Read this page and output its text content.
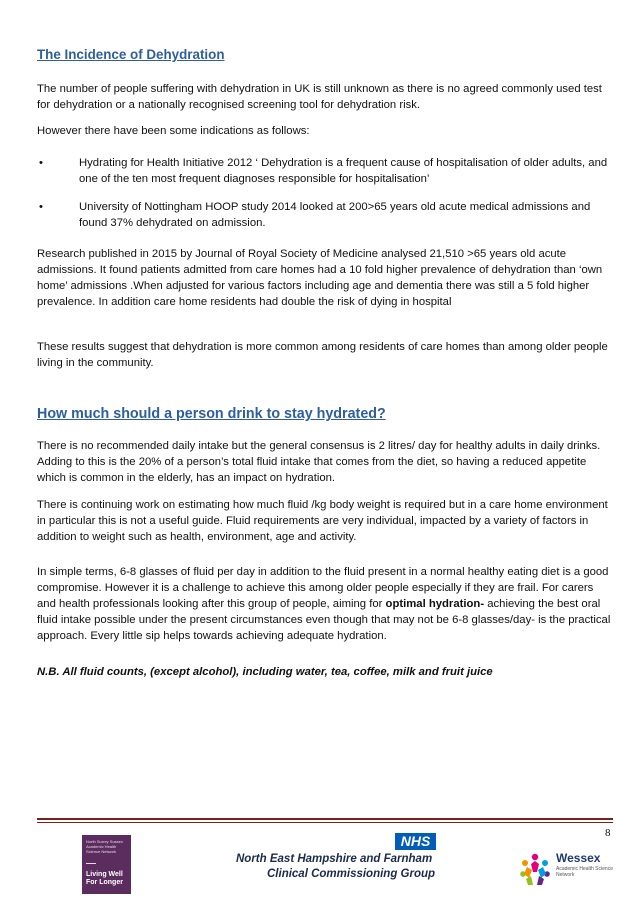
The Incidence of Dehydration

The number of people suffering with dehydration in UK is still unknown as there is no agreed commonly used test for dehydration or a nationally recognised screening tool for dehydration risk.

However there have been some indications as follows:

•	Hydrating for Health Initiative 2012 ‘ Dehydration is a frequent cause of hospitalisation of older adults, and one of the ten most frequent diagnoses responsible for hospitalisation’
•	University of Nottingham HOOP study 2014 looked at 200>65 years old acute medical admissions and found 37% dehydrated on admission.

Research published in 2015 by Journal of Royal Society of Medicine analysed 21,510 >65 years old acute admissions. It found patients admitted from care homes had a 10 fold higher prevalence of dehydration than ‘own home’ admissions .When adjusted for various factors including age and dementia there was still a 5 fold higher prevalence. In addition care home residents had double the risk of dying in hospital

These results suggest that dehydration is more common among residents of care homes than among older people living in the community.

How much should a person drink to stay hydrated?

There is no recommended daily intake but the general consensus is 2 litres/ day for healthy adults in daily drinks. Adding to this is the 20% of a person’s total fluid intake that comes from the diet, so having a reduced appetite which is common in the elderly, has an impact on hydration.

There is continuing work on estimating how much fluid /kg body weight is required but in a care home environment in particular this is not a useful guide. Fluid requirements are very individual, impacted by a variety of factors in addition to weight such as health, environment, age and activity.

In simple terms, 6-8 glasses of fluid per day in addition to the fluid present in a normal healthy eating diet is a good compromise. However it is a challenge to achieve this among older people especially if they are frail. For carers and health professionals looking after this group of people, aiming for optimal hydration- achieving the best oral fluid intake possible under the present circumstances even though that may not be 6-8 glasses/day- is the practical approach. Every little sip helps towards achieving adequate hydration.

N.B. All fluid counts, (except alcohol), including water, tea, coffee, milk and fruit juice

8
North Surrey Sussex Academic Health Science Network
Living Well For Longer
NHS
North East Hampshire and Farnham
Clinical Commissioning Group
Wessex
Academic Health Science Network
